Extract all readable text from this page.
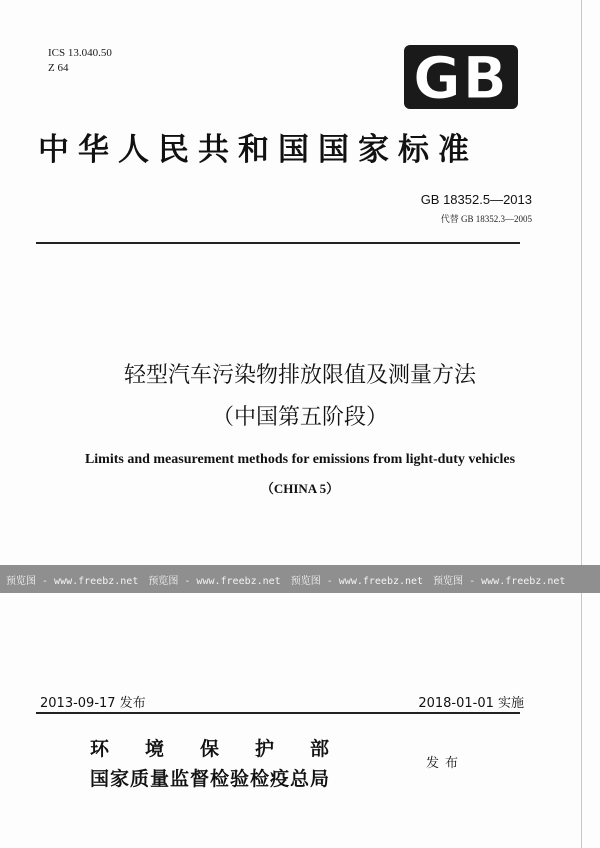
ICS 13.040.50
Z 64	GB
中华人民共和国国家标准
GB 18352.5—2013
代替 GB 18352.3—2005
轻型汽车污染物排放限值及测量方法
（中国第五阶段）
Limits and measurement methods for emissions from light-duty vehicles
（CHINA 5）
预览图 - www.freebz.net 预览图 - www.freebz.net 预览图 - www.freebz.net 预览图 - www.freebz.net
2013-09-17 发布	2018-01-01 实施
环境保护部
国家质量监督检验检疫总局
发布
